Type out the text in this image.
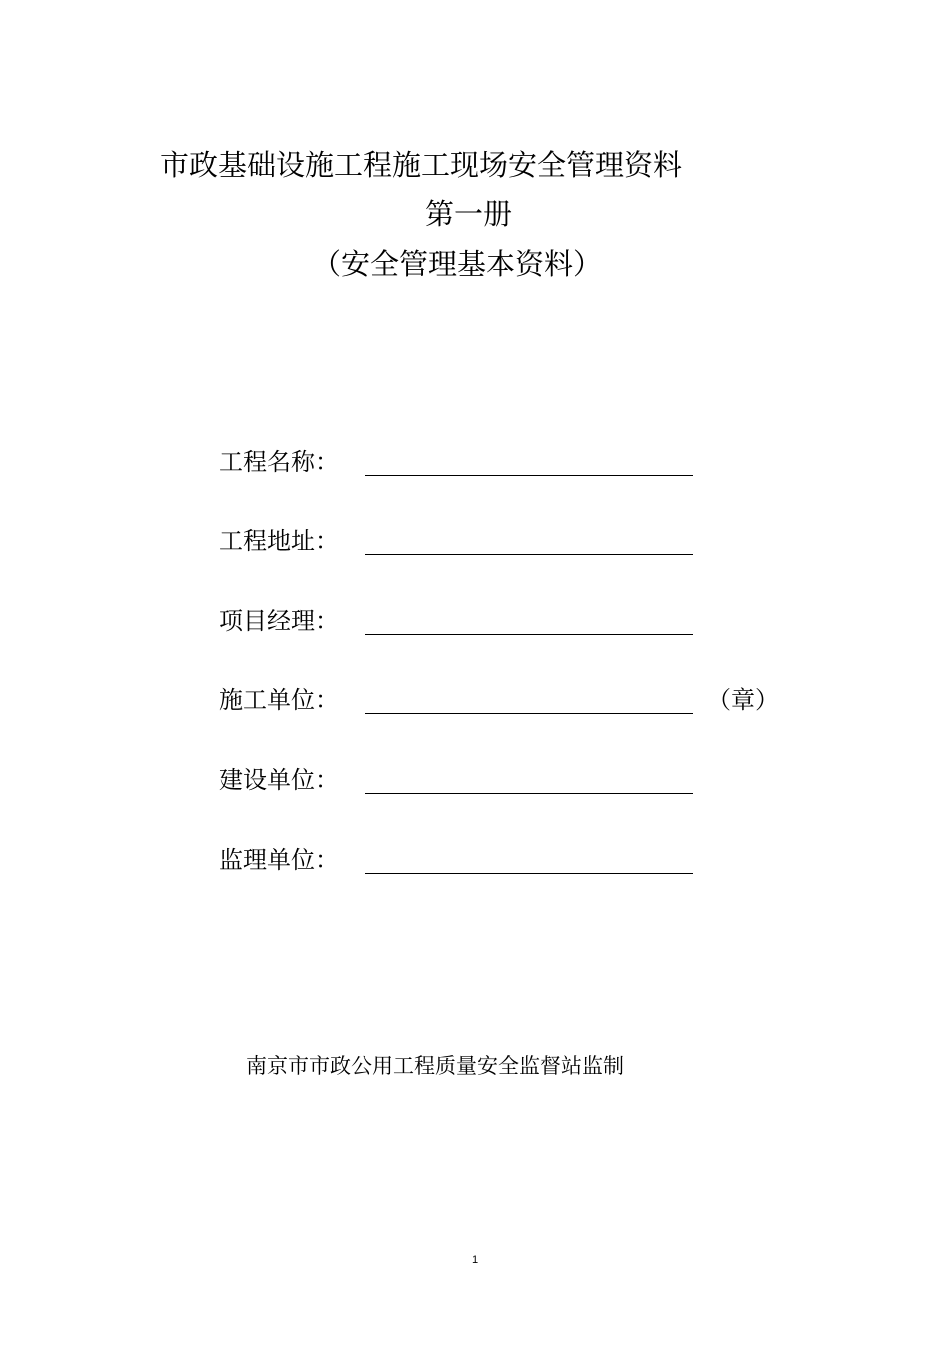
市政基础设施工程施工现场安全管理资料
第一册
（安全管理基本资料）
工程名称：
工程地址：
项目经理：
施工单位：	（章）
建设单位：
监理单位：
南京市市政公用工程质量安全监督站监制
1
